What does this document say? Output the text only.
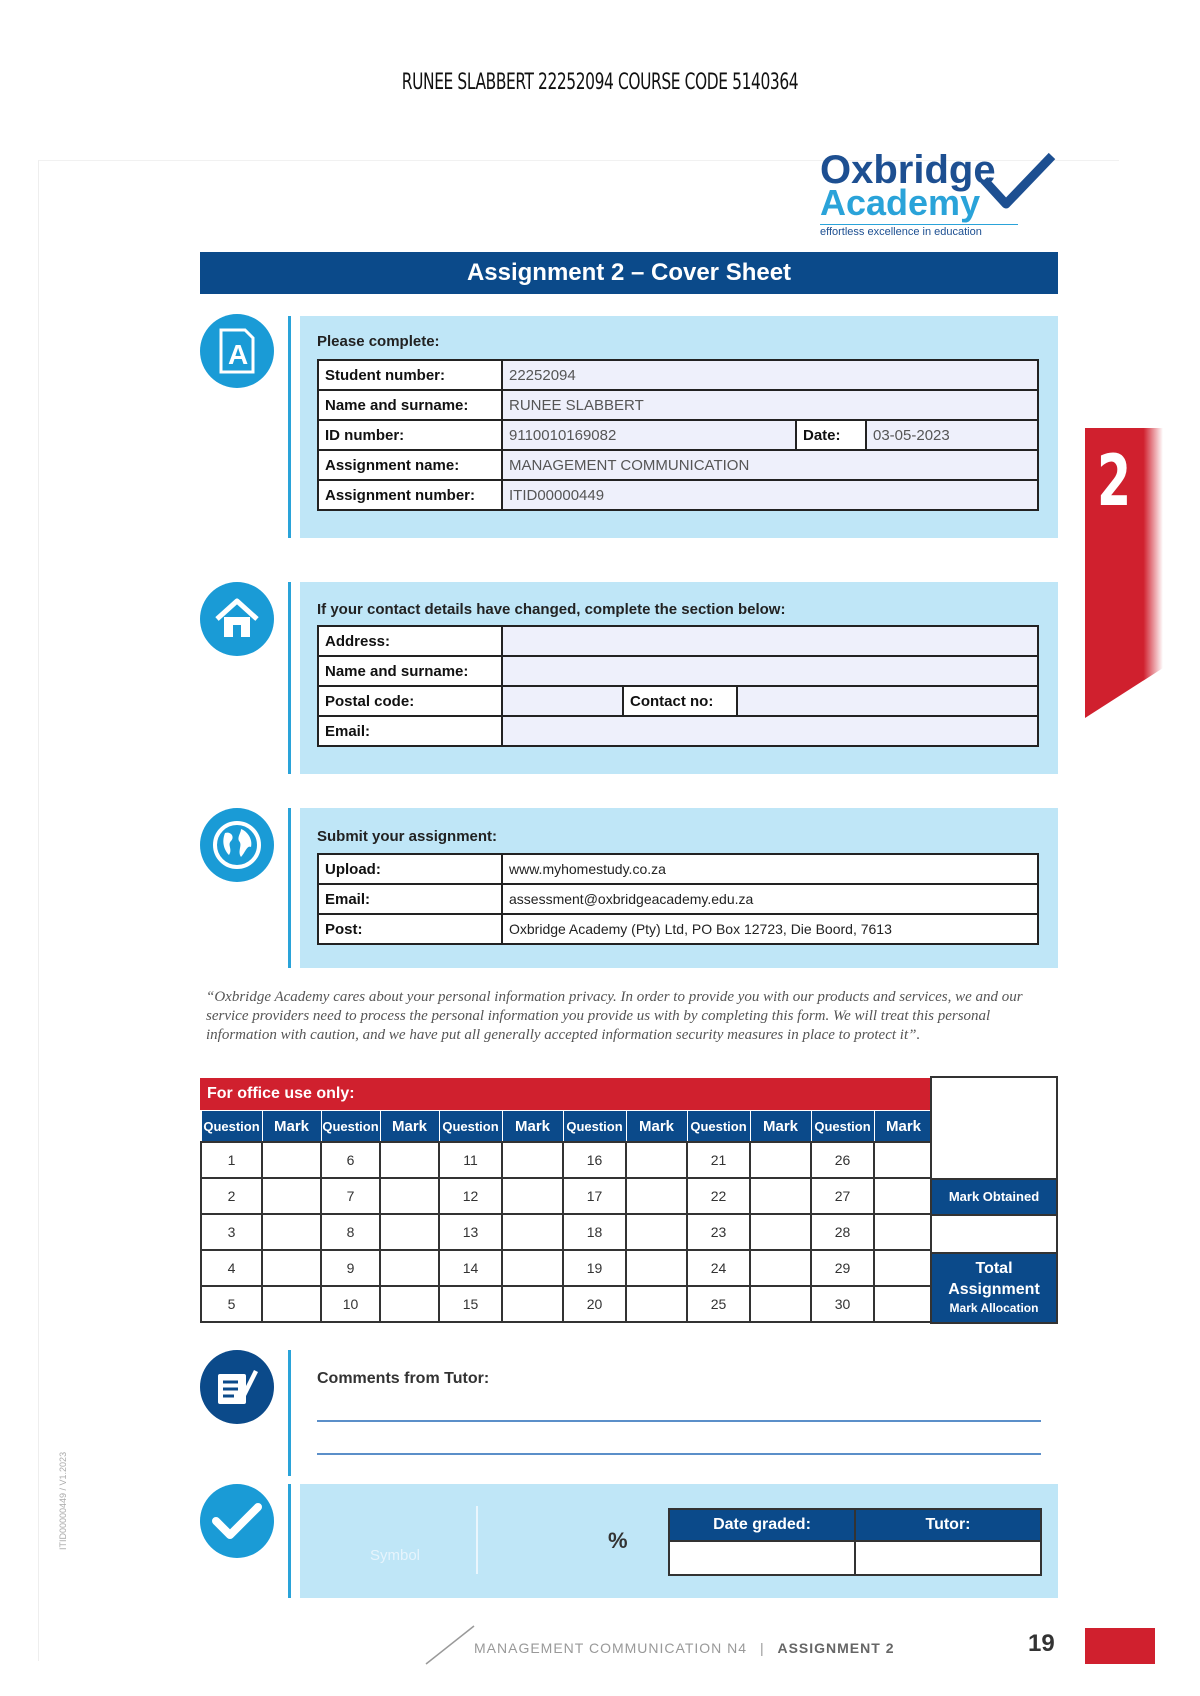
RUNEE SLABBERT 22252094 COURSE CODE 5140364
Oxbridge
Academy
effortless excellence in education
Assignment 2 – Cover Sheet
2
A	Please complete:
Student number:	22252094		
Name and surname:	RUNEE SLABBERT		
ID number:	9110010169082	Date:	03-05-2023
Assignment name:	MANAGEMENT COMMUNICATION		
Assignment number:	ITID00000449		
If your contact details have changed, complete the section below:
Address:			
Name and surname:			
Postal code:		Contact no:	
Email:			
Submit your assignment:
Upload:	www.myhomestudy.co.za
Email:	assessment@oxbridgeacademy.edu.za
Post:	Oxbridge Academy (Pty) Ltd, PO Box 12723, Die Boord, 7613
“Oxbridge Academy cares about your personal information privacy. In order to provide you with our products and services, we and our service providers need to process the personal information you provide us with by completing this form. We will treat this personal information with caution, and we have put all generally accepted information security measures in place to protect it”.
For office use only:
Question	Mark	Question	Mark	Question	Mark	Question	Mark	Question	Mark	Question	Mark
1		6		11		16		21		26	
2		7		12		17		22		27	
3		8		13		18		23		28	
4		9		14		19		24		29	
5		10		15		20		25		30	
Mark Obtained
Total
Assignment
Mark Allocation
Comments from Tutor:
Symbol
%
Date graded:	Tutor:
MANAGEMENT COMMUNICATION N4 | ASSIGNMENT 2	19
ITID00000449 / V1.2023
